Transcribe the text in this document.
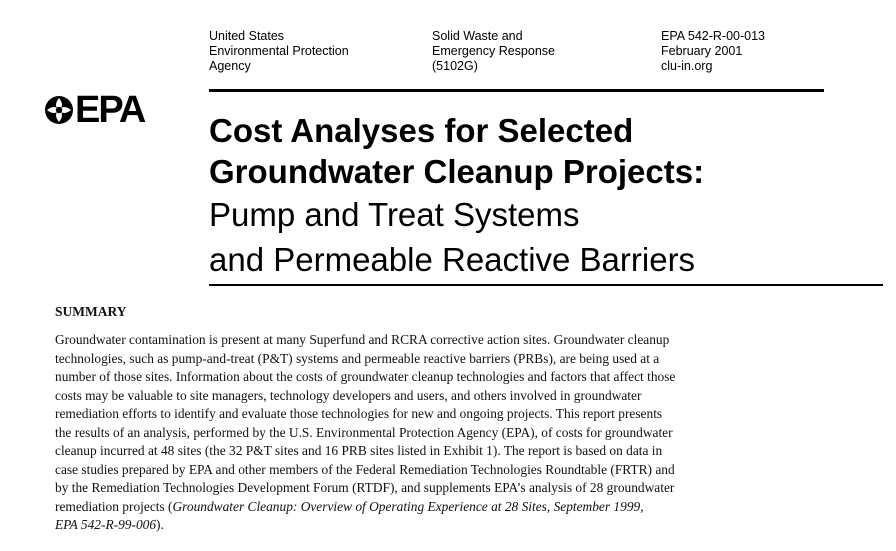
United States
Environmental Protection
Agency
Solid Waste and
Emergency Response
(5102G)
EPA 542-R-00-013
February 2001
clu-in.org
EPA Cost Analyses for Selected
Groundwater Cleanup Projects:
Pump and Treat Systems
and Permeable Reactive Barriers
SUMMARY
Groundwater contamination is present at many Superfund and RCRA corrective action sites. Groundwater cleanup
technologies, such as pump-and-treat (P&T) systems and permeable reactive barriers (PRBs), are being used at a
number of those sites. Information about the costs of groundwater cleanup technologies and factors that affect those
costs may be valuable to site managers, technology developers and users, and others involved in groundwater
remediation efforts to identify and evaluate those technologies for new and ongoing projects. This report presents
the results of an analysis, performed by the U.S. Environmental Protection Agency (EPA), of costs for groundwater
cleanup incurred at 48 sites (the 32 P&T sites and 16 PRB sites listed in Exhibit 1). The report is based on data in
case studies prepared by EPA and other members of the Federal Remediation Technologies Roundtable (FRTR) and
by the Remediation Technologies Development Forum (RTDF), and supplements EPA’s analysis of 28 groundwater
remediation projects (Groundwater Cleanup: Overview of Operating Experience at 28 Sites, September 1999,
EPA 542-R-99-006).
